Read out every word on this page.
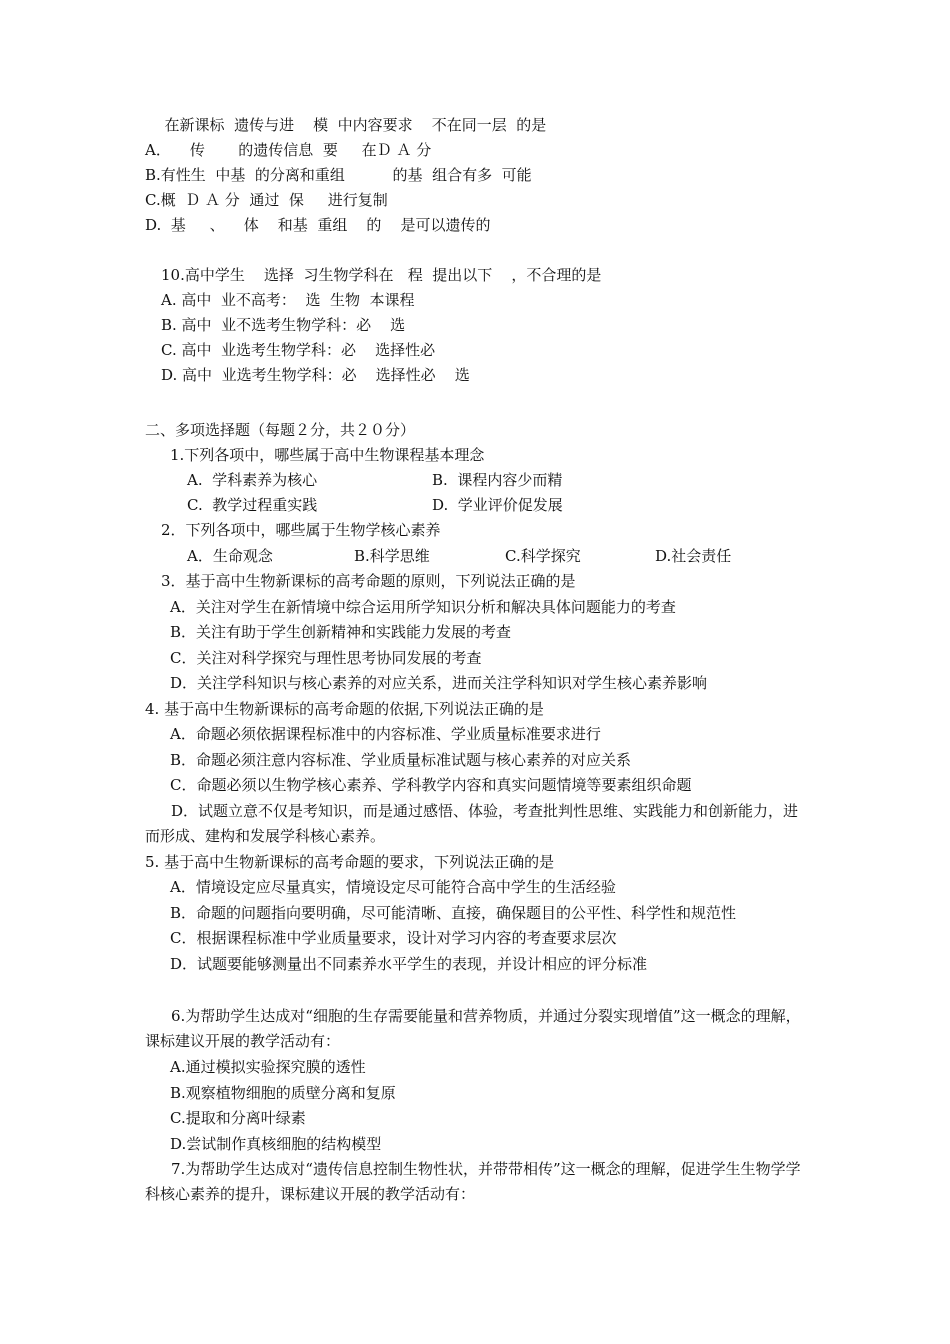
在新课标  遗传与进    模  中内容要求    不在同一层  的是
A．    传       的遗传信息  要     在Ｄ Ａ 分
B.有性生  中基  的分离和重组          的基  组合有多  可能
C.概  Ｄ Ａ 分  通过  保     进行复制
D.  基     、    体    和基  重组    的    是可以遗传的
10.高中学生    选择  习生物学科在   程  提出以下    ，不合理的是
A. 高中  业不高考：  选  生物  本课程
B. 高中  业不选考生物学科：必    选
C. 高中  业选考生物学科：必    选择性必
D. 高中  业选考生物学科：必    选择性必    选
二、多项选择题（每题２分，共２０分）
1.下列各项中，哪些属于高中生物课程基本理念
A.  学科素养为核心	B.  课程内容少而精
C.  教学过程重实践	D.  学业评价促发展
2．下列各项中，哪些属于生物学核心素养
A．生命观念	B.科学思维	C.科学探究	D.社会责任
3．基于高中生物新课标的高考命题的原则，下列说法正确的是
A．关注对学生在新情境中综合运用所学知识分析和解决具体问题能力的考查
B．关注有助于学生创新精神和实践能力发展的考查
C．关注对科学探究与理性思考协同发展的考查
D．关注学科知识与核心素养的对应关系，进而关注学科知识对学生核心素养影响
4. 基于高中生物新课标的高考命题的依据,下列说法正确的是
A．命题必须依据课程标准中的内容标准、学业质量标准要求进行
B．命题必须注意内容标准、学业质量标准试题与核心素养的对应关系
C．命题必须以生物学核心素养、学科教学内容和真实问题情境等要素组织命题
D．试题立意不仅是考知识，而是通过感悟、体验，考查批判性思维、实践能力和创新能力，进而形成、建构和发展学科核心素养。
5. 基于高中生物新课标的高考命题的要求，下列说法正确的是
A．情境设定应尽量真实，情境设定尽可能符合高中学生的生活经验
B．命题的问题指向要明确，尽可能清晰、直接，确保题目的公平性、科学性和规范性
C．根据课程标准中学业质量要求，设计对学习内容的考查要求层次
D．试题要能够测量出不同素养水平学生的表现，并设计相应的评分标准
6.为帮助学生达成对“细胞的生存需要能量和营养物质，并通过分裂实现增值”这一概念的理解，课标建议开展的教学活动有：
A.通过模拟实验探究膜的透性
B.观察植物细胞的质壁分离和复原
C.提取和分离叶绿素
D.尝试制作真核细胞的结构模型
7.为帮助学生达成对“遗传信息控制生物性状，并带带相传”这一概念的理解，促进学生生物学学科核心素养的提升，课标建议开展的教学活动有：
